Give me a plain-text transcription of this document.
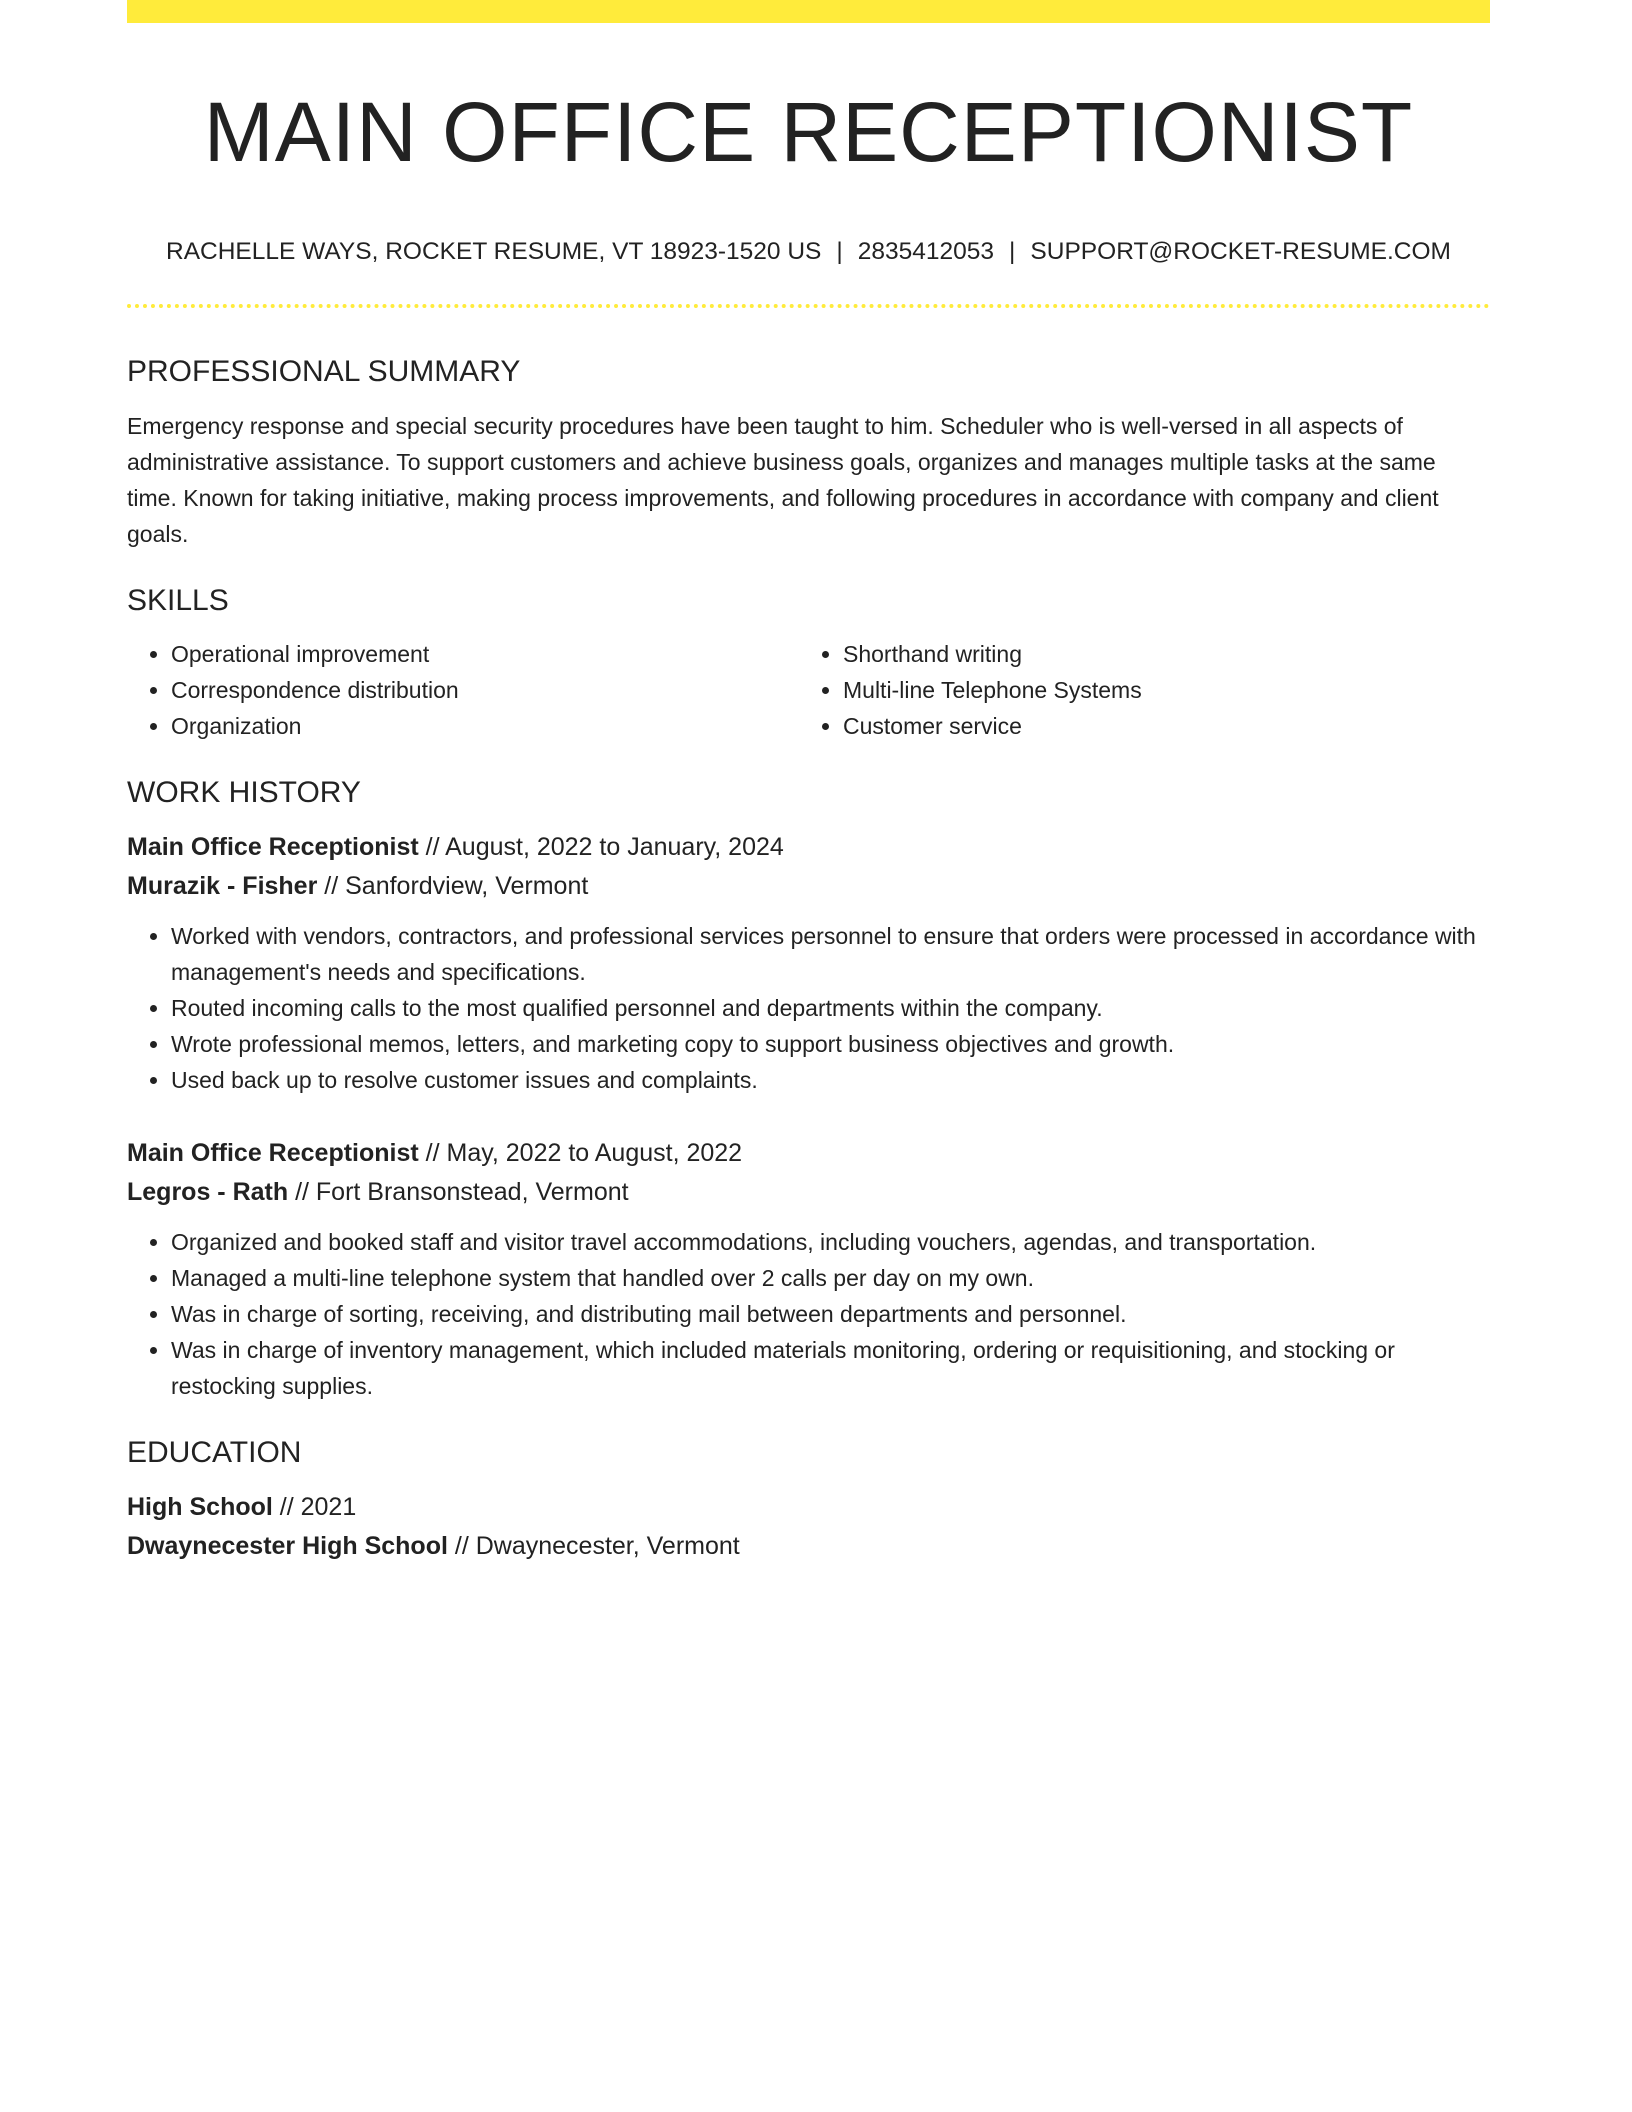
MAIN OFFICE RECEPTIONIST
RACHELLE WAYS, ROCKET RESUME, VT 18923-1520 US | 2835412053 | SUPPORT@ROCKET-RESUME.COM
PROFESSIONAL SUMMARY

Emergency response and special security procedures have been taught to him. Scheduler who is well-versed in all aspects of administrative assistance. To support customers and achieve business goals, organizes and manages multiple tasks at the same time. Known for taking initiative, making process improvements, and following procedures in accordance with company and client goals.

SKILLS
• Operational improvement
• Correspondence distribution
• Organization
• Shorthand writing
• Multi-line Telephone Systems
• Customer service
WORK HISTORY

Main Office Receptionist // August, 2022 to January, 2024

Murazik - Fisher // Sanfordview, Vermont

• Worked with vendors, contractors, and professional services personnel to ensure that orders were processed in accordance with management's needs and specifications.
• Routed incoming calls to the most qualified personnel and departments within the company.
• Wrote professional memos, letters, and marketing copy to support business objectives and growth.
• Used back up to resolve customer issues and complaints.

Main Office Receptionist // May, 2022 to August, 2022

Legros - Rath // Fort Bransonstead, Vermont

• Organized and booked staff and visitor travel accommodations, including vouchers, agendas, and transportation.
• Managed a multi-line telephone system that handled over 2 calls per day on my own.
• Was in charge of sorting, receiving, and distributing mail between departments and personnel.
• Was in charge of inventory management, which included materials monitoring, ordering or requisitioning, and stocking or restocking supplies.
EDUCATION

High School // 2021

Dwaynecester High School // Dwaynecester, Vermont
